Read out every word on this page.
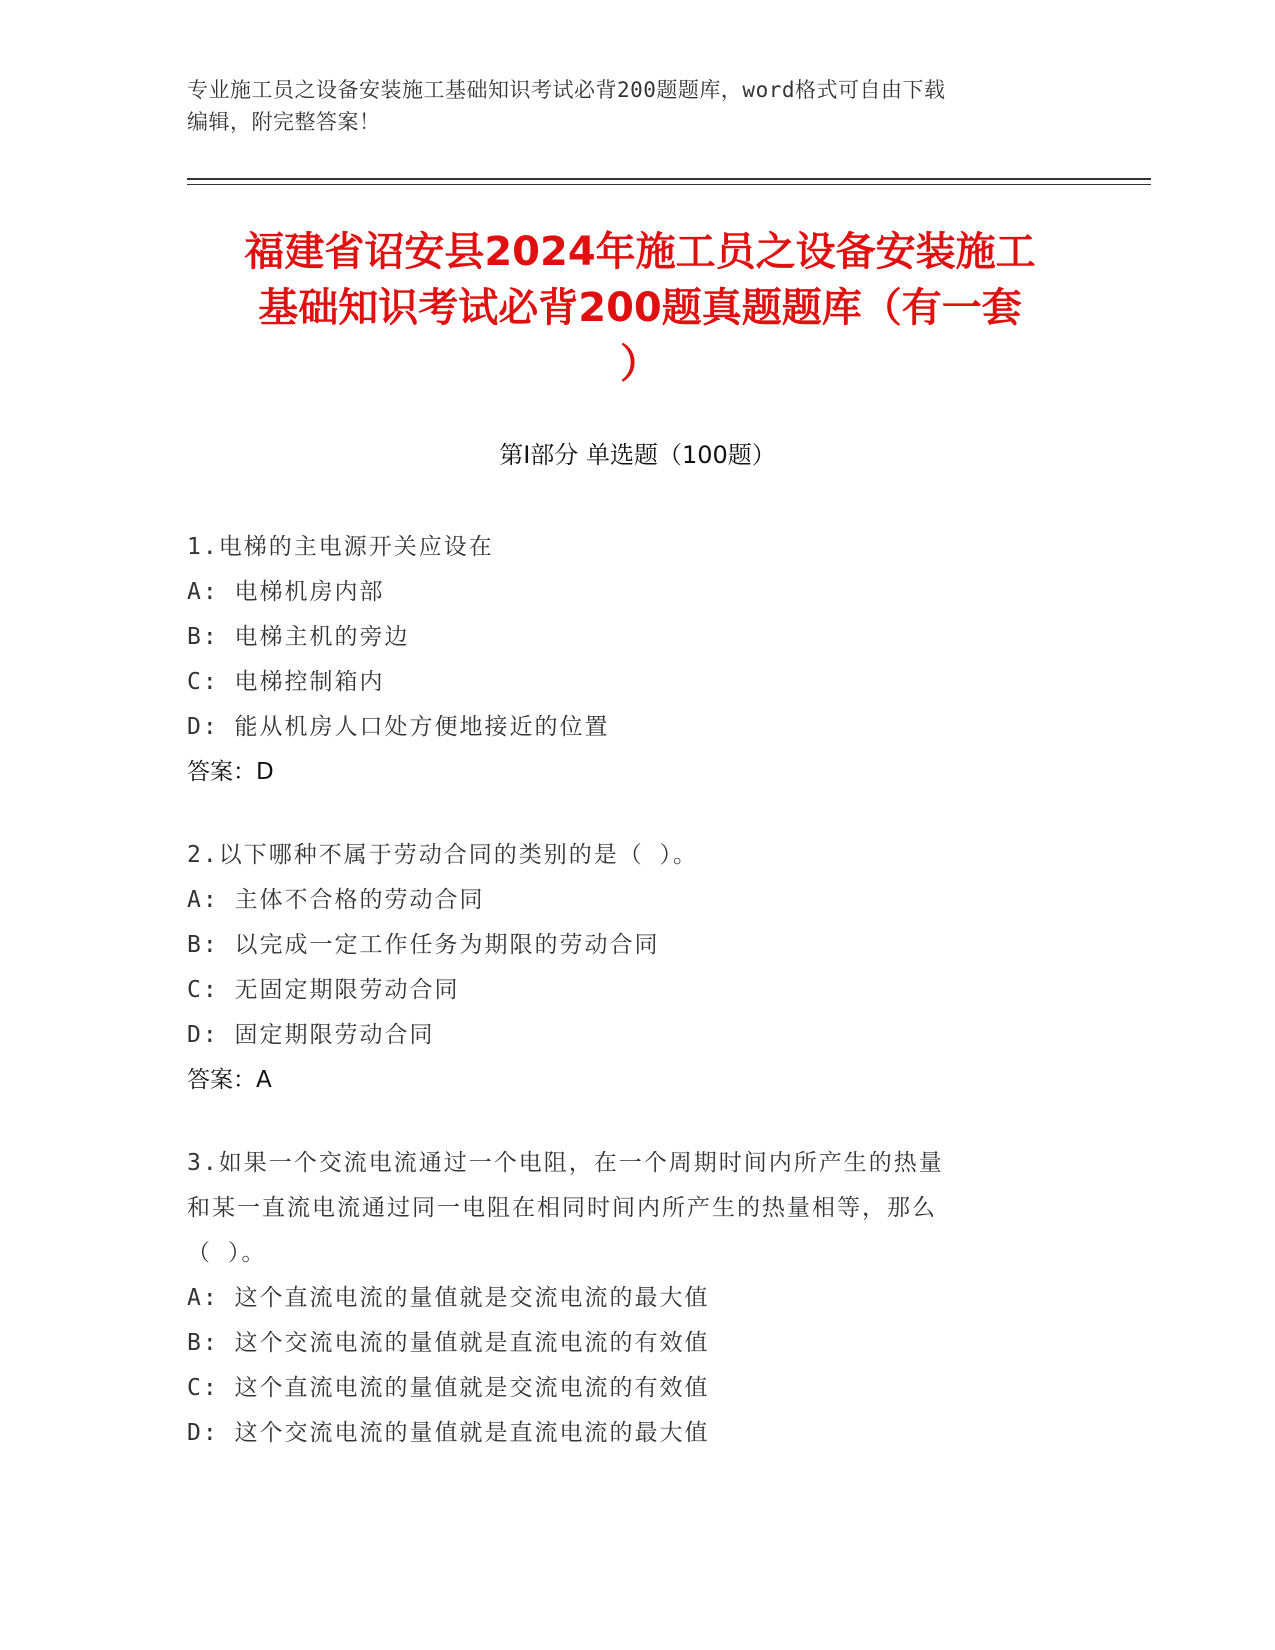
专业施工员之设备安装施工基础知识考试必背200题题库，word格式可自由下载
编辑，附完整答案！
福建省诏安县2024年施工员之设备安装施工
基础知识考试必背200题真题题库（有一套
）
第Ⅰ部分 单选题（100题）
1.电梯的主电源开关应设在
A: 电梯机房内部
B: 电梯主机的旁边
C: 电梯控制箱内
D: 能从机房人口处方便地接近的位置
答案：D
2.以下哪种不属于劳动合同的类别的是（ ）。
A: 主体不合格的劳动合同
B: 以完成一定工作任务为期限的劳动合同
C: 无固定期限劳动合同
D: 固定期限劳动合同
答案：A
3.如果一个交流电流通过一个电阻，在一个周期时间内所产生的热量
和某一直流电流通过同一电阻在相同时间内所产生的热量相等，那么
（ ）。
A: 这个直流电流的量值就是交流电流的最大值
B: 这个交流电流的量值就是直流电流的有效值
C: 这个直流电流的量值就是交流电流的有效值
D: 这个交流电流的量值就是直流电流的最大值
